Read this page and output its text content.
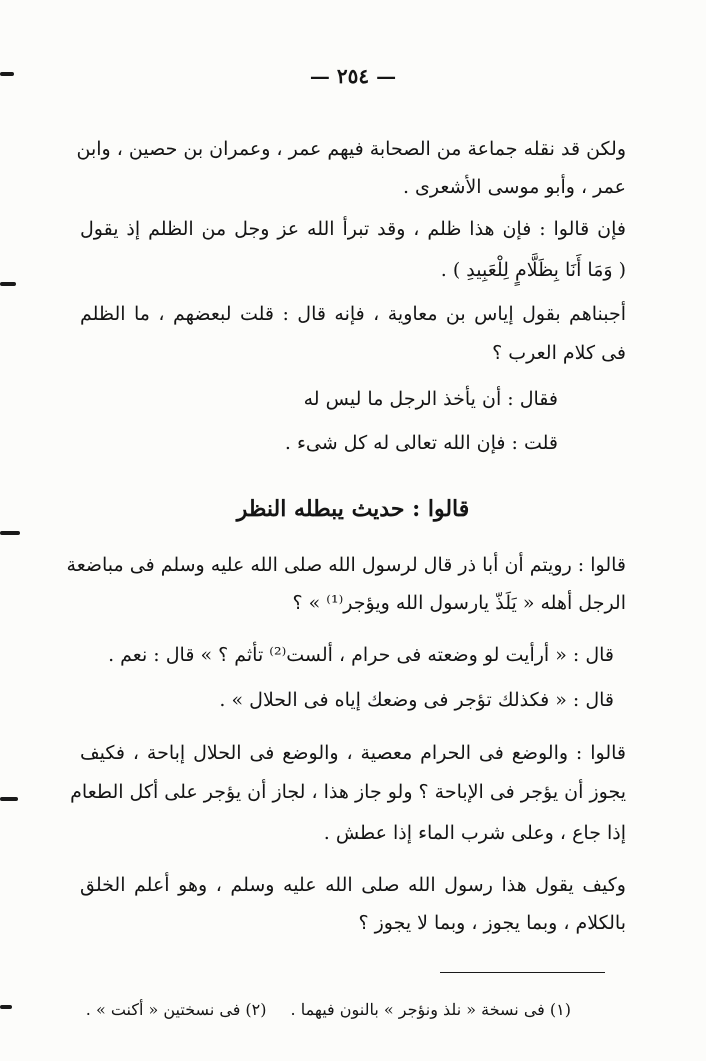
— ٢٥٤ —
ولكن قد نقله جماعة من الصحابة فيهم عمر ، وعمران بن حصين ، وابن
عمر ، وأبو موسى الأشعرى .
فإن قالوا : فإن هذا ظلم ، وقد تبرأ الله عز وجل من الظلم إذ يقول
( وَمَا أَنَا بِظَلَّامٍ لِلْعَبِيدِ ) .
أجبناهم بقول إياس بن معاوية ، فإنه قال : قلت لبعضهم ، ما الظلم
فى كلام العرب ؟
فقال : أن يأخذ الرجل ما ليس له
قلت : فإن الله تعالى له كل شىء .
قالوا : حديث يبطله النظر
قالوا : رويتم أن أبا ذر قال لرسول الله صلى الله عليه وسلم فى مباضعة
الرجل أهله « يَلَذّ يارسول الله ويؤجر⁽¹⁾ » ؟
قال : « أرأيت لو وضعته فى حرام ، ألست⁽²⁾ تأثم ؟ » قال : نعم .
قال : « فكذلك تؤجر فى وضعك إياه فى الحلال » .
قالوا : والوضع فى الحرام معصية ، والوضع فى الحلال إباحة ، فكيف
يجوز أن يؤجر فى الإباحة ؟ ولو جاز هذا ، لجاز أن يؤجر على أكل الطعام
إذا جاع ، وعلى شرب الماء إذا عطش .
وكيف يقول هذا رسول الله صلى الله عليه وسلم ، وهو أعلم الخلق
بالكلام ، وبما يجوز ، وبما لا يجوز ؟
(١) فى نسخة « نلذ ونؤجر » بالنون فيهما .(٢) فى نسختين « أكنت » .
